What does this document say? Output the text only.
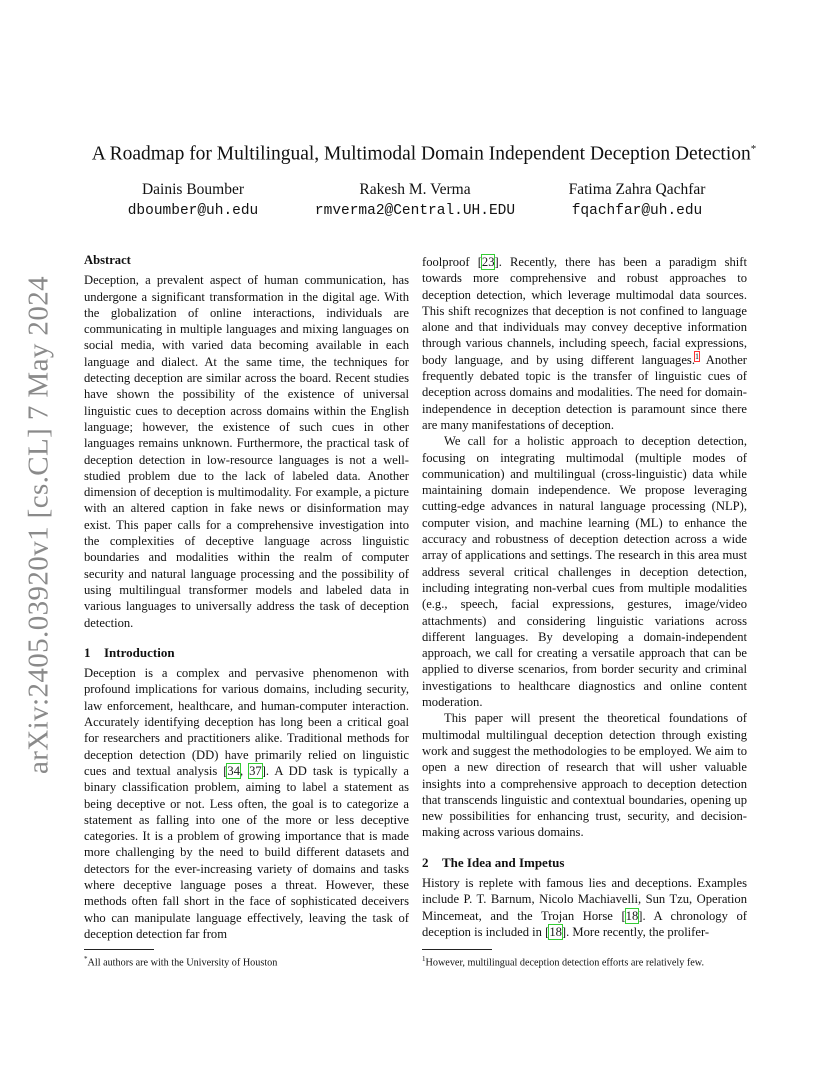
arXiv:2405.03920v1 [cs.CL] 7 May 2024
A Roadmap for Multilingual, Multimodal Domain Independent Deception Detection*
Dainis Boumber
dboumber@uh.edu
Rakesh M. Verma
rmverma2@Central.UH.EDU
Fatima Zahra Qachfar
fqachfar@uh.edu
Abstract

Deception, a prevalent aspect of human communication, has undergone a significant transformation in the digital age. With the globalization of online interactions, individuals are communicating in multiple languages and mixing languages on social media, with varied data becoming available in each language and dialect. At the same time, the techniques for detecting deception are similar across the board. Recent studies have shown the possibility of the existence of universal linguistic cues to deception across domains within the English language; however, the existence of such cues in other languages remains unknown. Furthermore, the practical task of deception detection in low-resource languages is not a well-studied problem due to the lack of labeled data. Another dimension of deception is multimodality. For example, a picture with an altered caption in fake news or disinformation may exist. This paper calls for a comprehensive investigation into the complexities of deceptive language across linguistic boundaries and modalities within the realm of computer security and natural language processing and the possibility of using multilingual transformer models and labeled data in various languages to universally address the task of deception detection.

1 Introduction

Deception is a complex and pervasive phenomenon with profound implications for various domains, including security, law enforcement, healthcare, and human-computer interaction. Accurately identifying deception has long been a critical goal for researchers and practitioners alike. Traditional methods for deception detection (DD) have primarily relied on linguistic cues and textual analysis [34, 37]. A DD task is typically a binary classification problem, aiming to label a statement as being deceptive or not. Less often, the goal is to categorize a statement as falling into one of the more or less deceptive categories. It is a problem of growing importance that is made more challenging by the need to build different datasets and detectors for the ever-increasing variety of domains and tasks where deceptive language poses a threat. However, these methods often fall short in the face of sophisticated deceivers who can manipulate language effectively, leaving the task of deception detection far from

foolproof [23]. Recently, there has been a paradigm shift towards more comprehensive and robust approaches to deception detection, which leverage multimodal data sources. This shift recognizes that deception is not confined to language alone and that individuals may convey deceptive information through various channels, including speech, facial expressions, body language, and by using different languages.$^1$ Another frequently debated topic is the transfer of linguistic cues of deception across domains and modalities. The need for domain-independence in deception detection is paramount since there are many manifestations of deception.

We call for a holistic approach to deception detection, focusing on integrating multimodal (multiple modes of communication) and multilingual (cross-linguistic) data while maintaining domain independence. We propose leveraging cutting-edge advances in natural language processing (NLP), computer vision, and machine learning (ML) to enhance the accuracy and robustness of deception detection across a wide array of applications and settings. The research in this area must address several critical challenges in deception detection, including integrating non-verbal cues from multiple modalities (e.g., speech, facial expressions, gestures, image/video attachments) and considering linguistic variations across different languages. By developing a domain-independent approach, we call for creating a versatile approach that can be applied to diverse scenarios, from border security and criminal investigations to healthcare diagnostics and online content moderation.

This paper will present the theoretical foundations of multimodal multilingual deception detection through existing work and suggest the methodologies to be employed. We aim to open a new direction of research that will usher valuable insights into a comprehensive approach to deception detection that transcends linguistic and contextual boundaries, opening up new possibilities for enhancing trust, security, and decision-making across various domains.

2 The Idea and Impetus

History is replete with famous lies and deceptions. Examples include P. T. Barnum, Nicolo Machiavelli, Sun Tzu, Operation Mincemeat, and the Trojan Horse [18]. A chronology of deception is included in [18]. More recently, the prolifer-

*All authors are with the University of Houston	$^1$However, multilingual deception detection efforts are relatively few.
